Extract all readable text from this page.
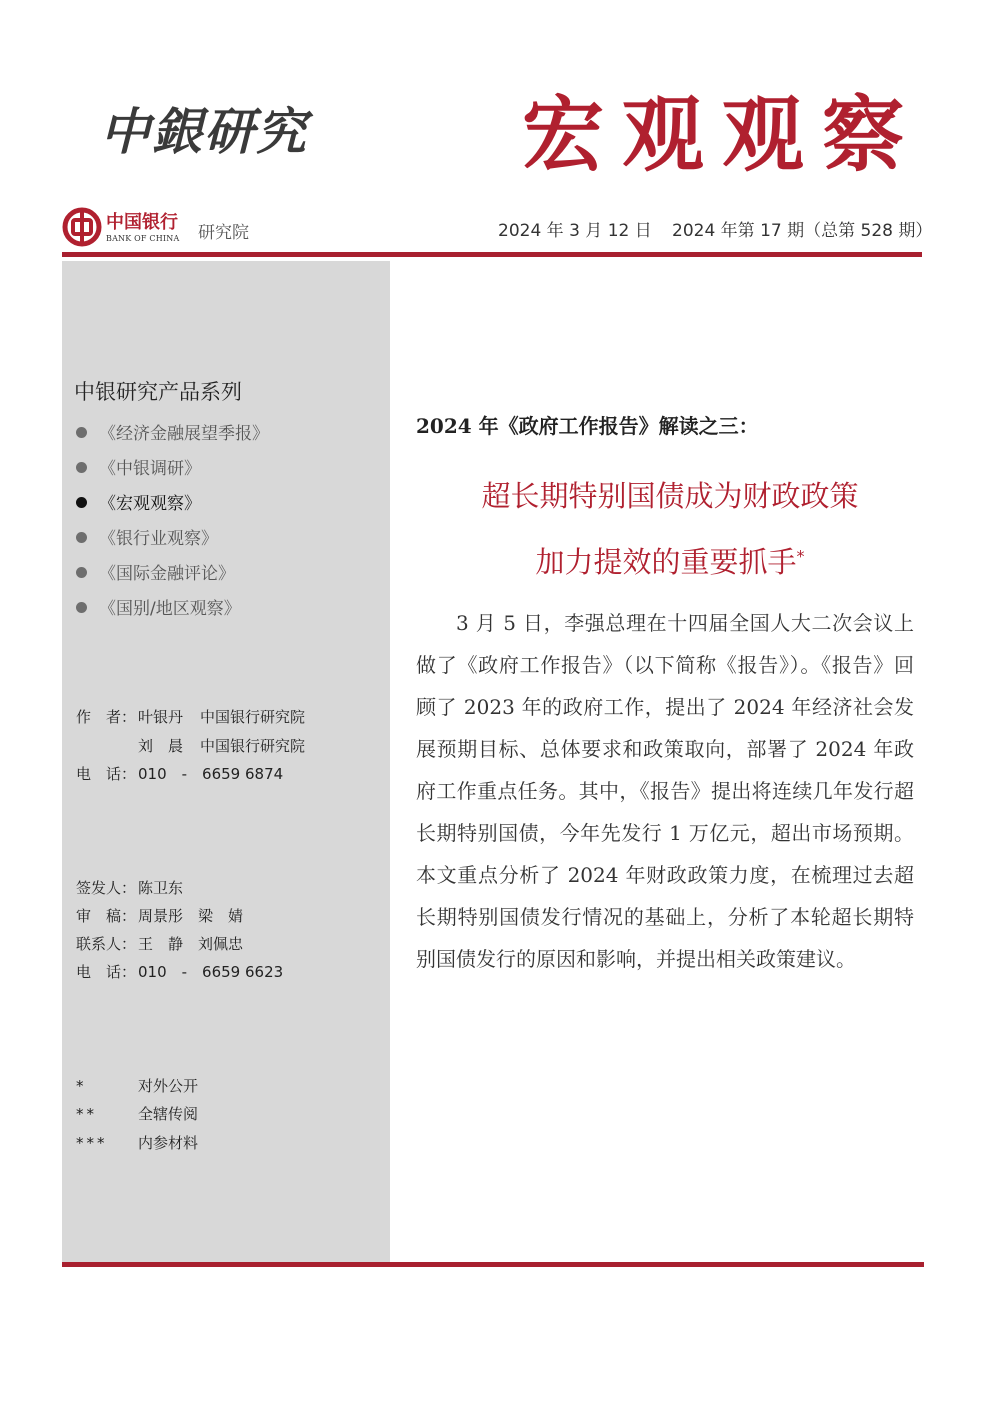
中銀研究	宏观观察
中国银行
BANK OF CHINA 研究院	2024 年 3 月 12 日 2024 年第 17 期（总第 528 期）
中银研究产品系列
《经济金融展望季报》
《中银调研》
《宏观观察》
《银行业观察》
《国际金融评论》
《国别/地区观察》
作　者： 叶银丹 中国银行研究院
刘　晨 中国银行研究院
电　话： 010　-　6659 6874
签发人： 陈卫东
审　稿： 周景彤　梁　婧
联系人： 王　静　刘佩忠
电　话： 010　-　6659 6623
*	对外公开
**	全辖传阅
*** 内参材料
2024 年《政府工作报告》解读之三：
超长期特别国债成为财政政策
加力提效的重要抓手*
3 月 5 日，李强总理在十四届全国人大二次会议上做了《政府工作报告》（以下简称《报告》）。《报告》回顾了 2023 年的政府工作，提出了 2024 年经济社会发展预期目标、总体要求和政策取向，部署了 2024 年政府工作重点任务。其中，《报告》提出将连续几年发行超长期特别国债，今年先发行 1 万亿元，超出市场预期。本文重点分析了 2024 年财政政策力度，在梳理过去超长期特别国债发行情况的基础上，分析了本轮超长期特别国债发行的原因和影响，并提出相关政策建议。
